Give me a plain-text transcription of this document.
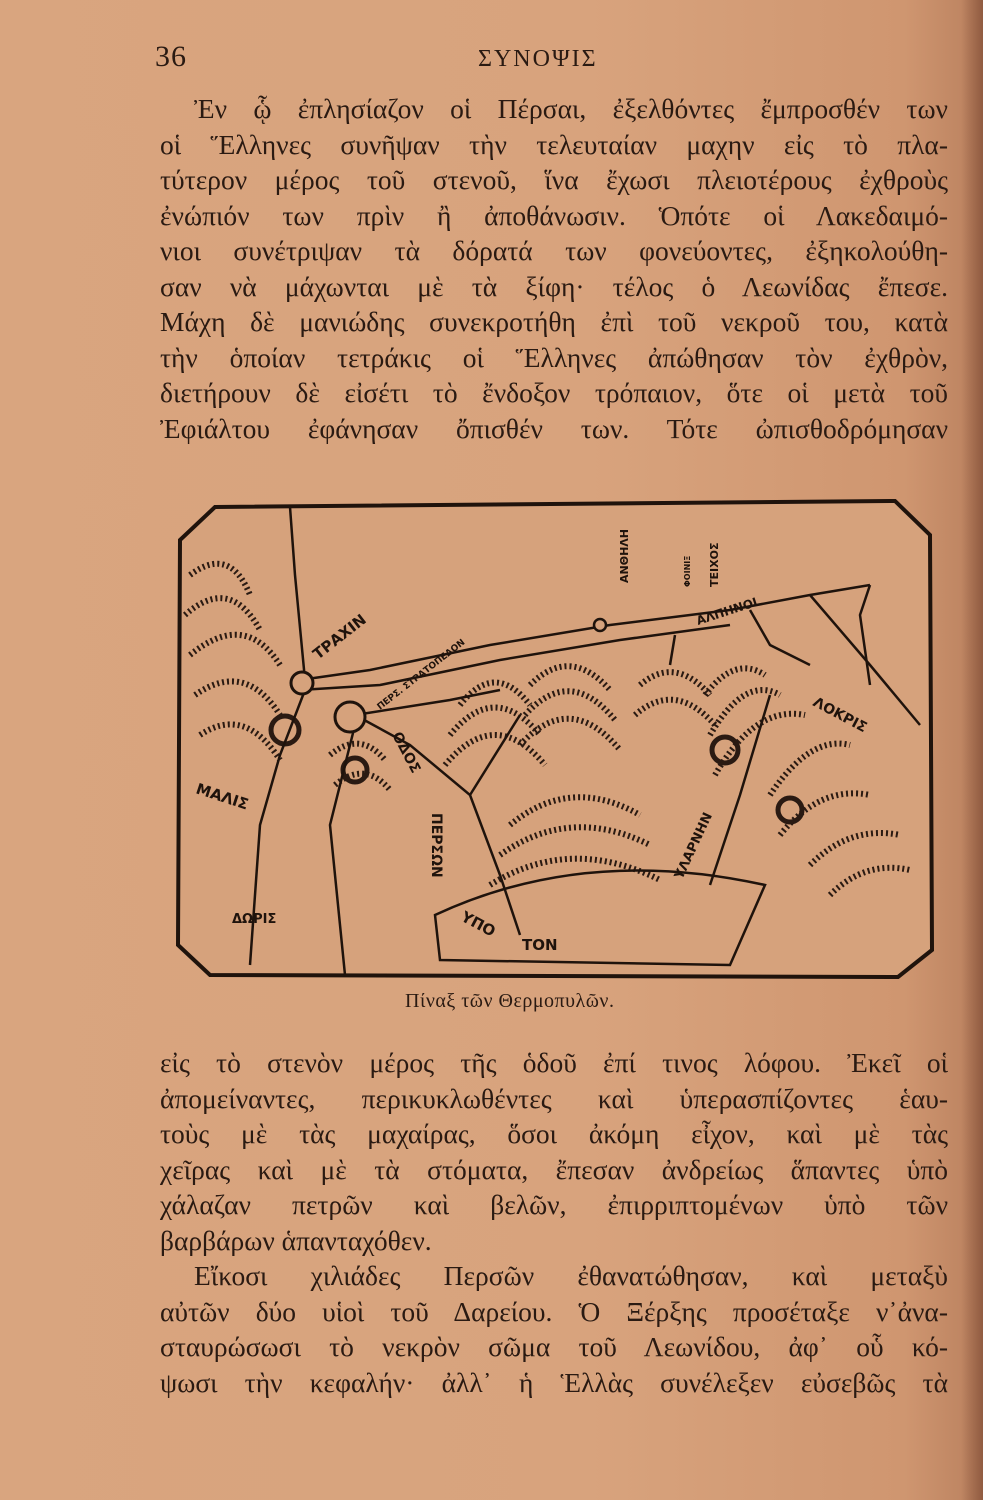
36	ΣΥΝΟΨΙΣ
Ἐν ᾧ ἐπλησίαζον οἱ Πέρσαι, ἐξελθόντες ἔμπροσθέν των
οἱ Ἕλληνες συνῆψαν τὴν τελευταίαν μαχην εἰς τὸ πλα-
τύτερον μέρος τοῦ στενοῦ, ἵνα ἔχωσι πλειοτέρους ἐχθροὺς
ἐνώπιόν των πρὶν ἢ ἀποθάνωσιν. Ὁπότε οἱ Λακεδαιμό-
νιοι συνέτριψαν τὰ δόρατά των φονεύοντες, ἐξηκολούθη-
σαν νὰ μάχωνται μὲ τὰ ξίφη· τέλος ὁ Λεωνίδας ἔπεσε.
Μάχη δὲ μανιώδης συνεκροτήθη ἐπὶ τοῦ νεκροῦ του, κατὰ
τὴν ὁποίαν τετράκις οἱ Ἕλληνες ἀπώθησαν τὸν ἐχθρὸν,
διετήρουν δὲ εἰσέτι τὸ ἔνδοξον τρόπαιον, ὅτε οἱ μετὰ τοῦ
Ἐφιάλτου ἐφάνησαν ὄπισθέν των. Τότε ὠπισθοδρόμησαν
ΤΡΑΧΙΝ
ΠΕΡΣ. ΣΤΡΑΤΟΠΕΔΟΝ
ΑΝΘΗΛΗ	ΦΟΙΝΙΞ ΤΕΙΧΟΣ
ΑΛΠΗΝΟΙ
ΛΟΚΡΙΣ
ΟΔΟΣ
ΠΕΡΣΩΝ
ΥΠΟ
ΤΟΝ
ΜΑΛΙΣ
ΔΩΡΙΣ
ΥΛΑΡΝΗΝ
Πίναξ τῶν Θερμοπυλῶν.
εἰς τὸ στενὸν μέρος τῆς ὁδοῦ ἐπί τινος λόφου. Ἐκεῖ οἱ
ἀπομείναντες, περικυκλωθέντες καὶ ὑπερασπίζοντες ἑαυ-
τοὺς μὲ τὰς μαχαίρας, ὅσοι ἀκόμη εἶχον, καὶ μὲ τὰς
χεῖρας καὶ μὲ τὰ στόματα, ἔπεσαν ἀνδρείως ἅπαντες ὑπὸ
χάλαζαν πετρῶν καὶ βελῶν, ἐπιρριπτομένων ὑπὸ τῶν
βαρβάρων ἁπανταχόθεν.
Εἴκοσι χιλιάδες Περσῶν ἐθανατώθησαν, καὶ μεταξὺ
αὐτῶν δύο υἱοὶ τοῦ Δαρείου. Ὁ Ξέρξης προσέταξε ν᾿ἀνα-
σταυρώσωσι τὸ νεκρὸν σῶμα τοῦ Λεωνίδου, ἀφ᾿ οὗ κό-
ψωσι τὴν κεφαλήν· ἀλλ᾿ ἡ Ἑλλὰς συνέλεξεν εὐσεβῶς τὰ
